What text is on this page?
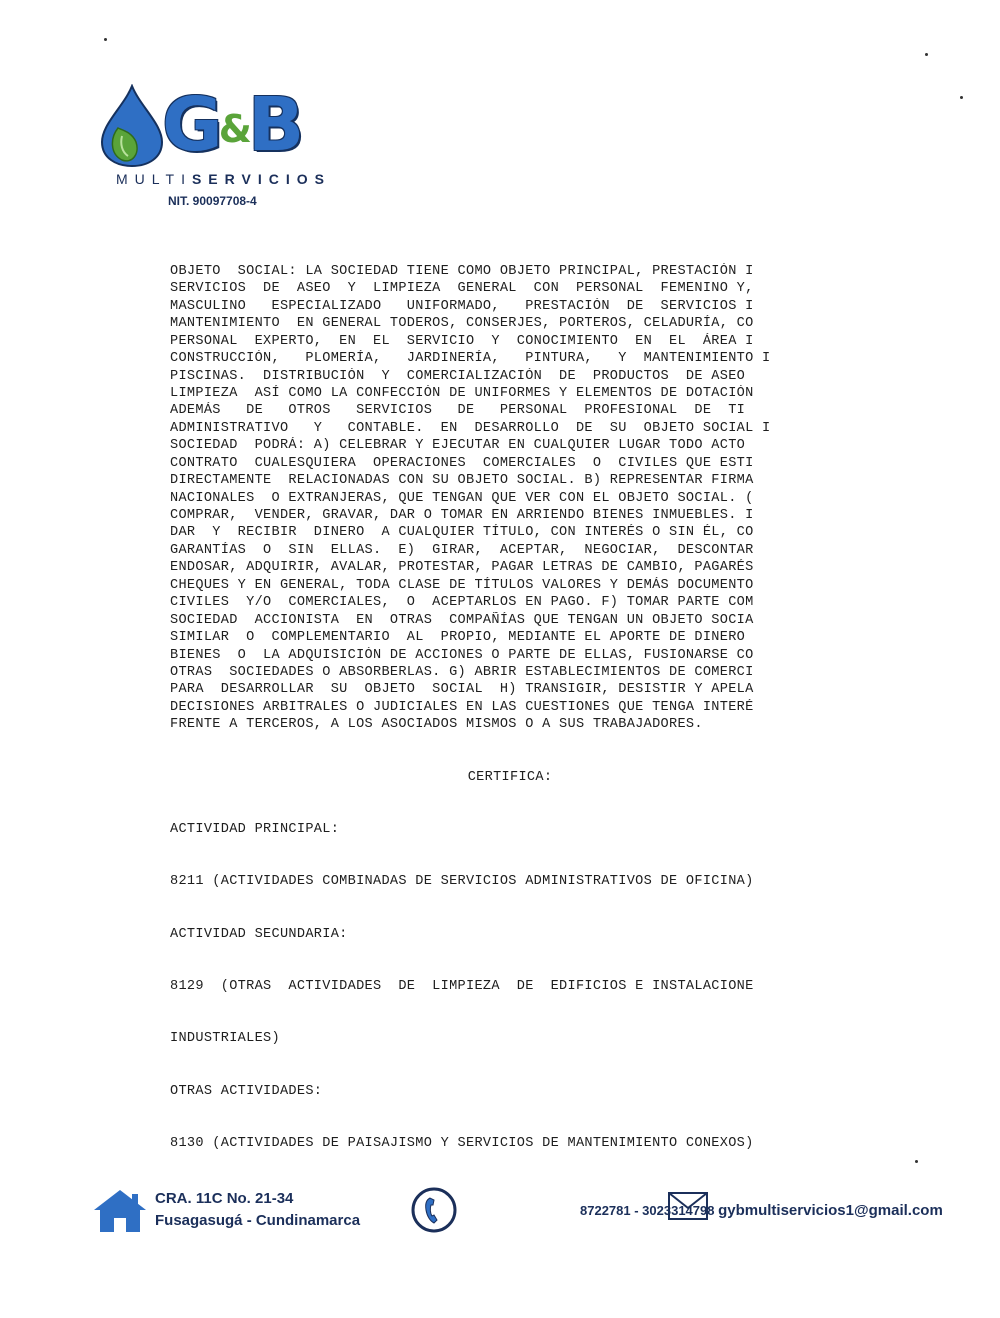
G&B
MULTISERVICIOS
NIT. 90097708-4

OBJETO  SOCIAL: LA SOCIEDAD TIENE COMO OBJETO PRINCIPAL, PRESTACIÓN I
SERVICIOS  DE  ASEO  Y  LIMPIEZA  GENERAL  CON  PERSONAL  FEMENINO Y,
MASCULINO   ESPECIALIZADO   UNIFORMADO,   PRESTACIÓN  DE  SERVICIOS I
MANTENIMIENTO  EN GENERAL TODEROS, CONSERJES, PORTEROS, CELADURÍA, CO
PERSONAL  EXPERTO,  EN  EL  SERVICIO  Y  CONOCIMIENTO  EN  EL  ÁREA I
CONSTRUCCIÓN,   PLOMERÍA,   JARDINERÍA,   PINTURA,   Y  MANTENIMIENTO I
PISCINAS.  DISTRIBUCIÓN  Y  COMERCIALIZACIÓN  DE  PRODUCTOS  DE ASEO
LIMPIEZA  ASÍ COMO LA CONFECCIÓN DE UNIFORMES Y ELEMENTOS DE DOTACIÓN
ADEMÁS   DE   OTROS   SERVICIOS   DE   PERSONAL  PROFESIONAL  DE  TI
ADMINISTRATIVO   Y   CONTABLE.  EN  DESARROLLO  DE  SU  OBJETO SOCIAL I
SOCIEDAD  PODRÁ: A) CELEBRAR Y EJECUTAR EN CUALQUIER LUGAR TODO ACTO
CONTRATO  CUALESQUIERA  OPERACIONES  COMERCIALES  O  CIVILES QUE ESTI
DIRECTAMENTE  RELACIONADAS CON SU OBJETO SOCIAL. B) REPRESENTAR FIRMA
NACIONALES  O EXTRANJERAS, QUE TENGAN QUE VER CON EL OBJETO SOCIAL. (
COMPRAR,  VENDER, GRAVAR, DAR O TOMAR EN ARRIENDO BIENES INMUEBLES. I
DAR  Y  RECIBIR  DINERO  A CUALQUIER TÍTULO, CON INTERÉS O SIN ÉL, CO
GARANTÍAS  O  SIN  ELLAS.  E)  GIRAR,  ACEPTAR,  NEGOCIAR,  DESCONTAR
ENDOSAR, ADQUIRIR, AVALAR, PROTESTAR, PAGAR LETRAS DE CAMBIO, PAGARÉS
CHEQUES Y EN GENERAL, TODA CLASE DE TÍTULOS VALORES Y DEMÁS DOCUMENTO
CIVILES  Y/O  COMERCIALES,  O  ACEPTARLOS EN PAGO. F) TOMAR PARTE COM
SOCIEDAD  ACCIONISTA  EN  OTRAS  COMPAÑÍAS QUE TENGAN UN OBJETO SOCIA
SIMILAR  O  COMPLEMENTARIO  AL  PROPIO, MEDIANTE EL APORTE DE DINERO
BIENES  O  LA ADQUISICIÓN DE ACCIONES O PARTE DE ELLAS, FUSIONARSE CO
OTRAS  SOCIEDADES O ABSORBERLAS. G) ABRIR ESTABLECIMIENTOS DE COMERCI
PARA  DESARROLLAR  SU  OBJETO  SOCIAL  H) TRANSIGIR, DESISTIR Y APELA
DECISIONES ARBITRALES O JUDICIALES EN LAS CUESTIONES QUE TENGA INTERÉ
FRENTE A TERCEROS, A LOS ASOCIADOS MISMOS O A SUS TRABAJADORES.

CERTIFICA:

ACTIVIDAD PRINCIPAL:

8211 (ACTIVIDADES COMBINADAS DE SERVICIOS ADMINISTRATIVOS DE OFICINA)

ACTIVIDAD SECUNDARIA:

8129  (OTRAS  ACTIVIDADES  DE  LIMPIEZA  DE  EDIFICIOS E INSTALACIONE

INDUSTRIALES)

OTRAS ACTIVIDADES:

8130 (ACTIVIDADES DE PAISAJISMO Y SERVICIOS DE MANTENIMIENTO CONEXOS)

CRA. 11C No. 21-34
Fusagasugá - Cundinamarca
8722781 - 3023314798 gybmultiservicios1@gmail.com
